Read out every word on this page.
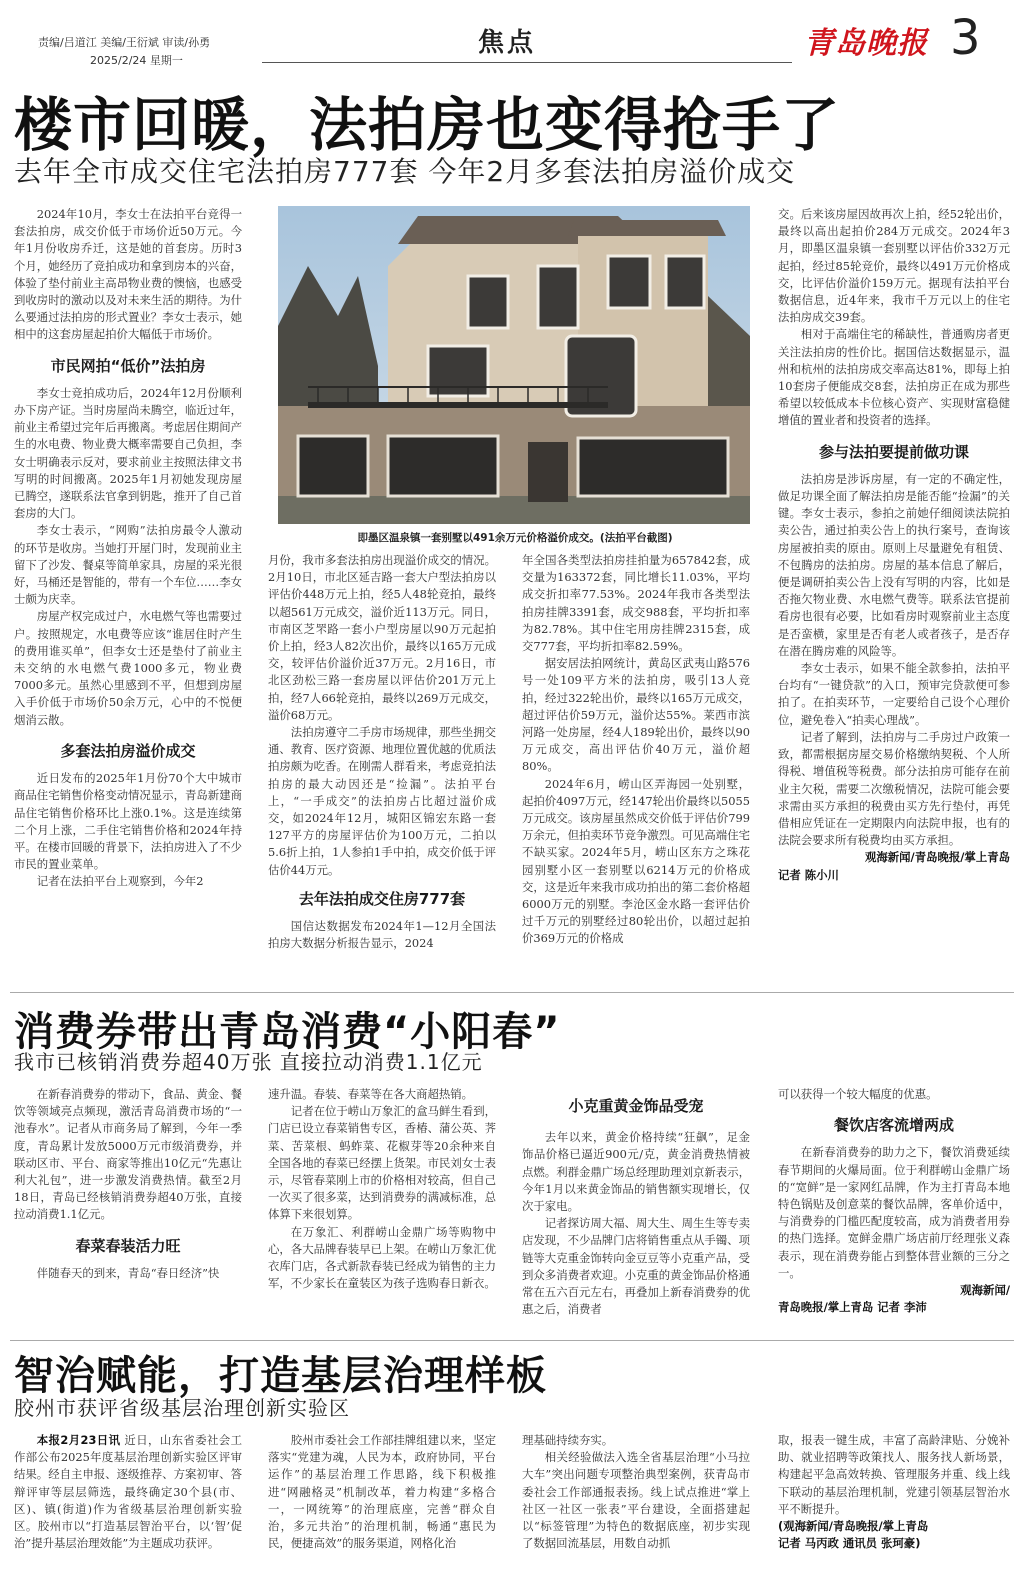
责编/吕道江 美编/王衍斌 审读/孙勇
2025/2/24 星期一
焦点	青岛晚报 3
楼市回暖，法拍房也变得抢手了
去年全市成交住宅法拍房777套 今年2月多套法拍房溢价成交
即墨区温泉镇一套别墅以491余万元价格溢价成交。(法拍平台截图)

2024年10月，李女士在法拍平台竞得一套法拍房，成交价低于市场价近50万元。今年1月份收房乔迁，这是她的首套房。历时3个月，她经历了竞拍成功和拿到房本的兴奋，体验了垫付前业主高昂物业费的懊恼，也感受到收房时的激动以及对未来生活的期待。为什么要通过法拍房的形式置业？李女士表示，她相中的这套房屋起拍价大幅低于市场价。

市民网拍“低价”法拍房

李女士竞拍成功后，2024年12月份顺利办下房产证。当时房屋尚未腾空，临近过年，前业主希望过完年后再搬离。考虑居住期间产生的水电费、物业费大概率需要自己负担，李女士明确表示反对，要求前业主按照法律文书写明的时间搬离。2025年1月初她发现房屋已腾空，遂联系法官拿到钥匙，推开了自己首套房的大门。

李女士表示，“网购”法拍房最令人激动的环节是收房。当她打开屋门时，发现前业主留下了沙发、餐桌等简单家具，房屋的采光很好，马桶还是智能的，带有一个车位……李女士颇为庆幸。

房屋产权完成过户，水电燃气等也需要过户。按照规定，水电费等应该“谁居住时产生的费用谁买单”，但李女士还是垫付了前业主未交纳的水电燃气费1000多元，物业费7000多元。虽然心里感到不平，但想到房屋入手价低于市场价50余万元，心中的不悦便烟消云散。

多套法拍房溢价成交

近日发布的2025年1月份70个大中城市商品住宅销售价格变动情况显示，青岛新建商品住宅销售价格环比上涨0.1%。这是连续第二个月上涨，二手住宅销售价格和2024年持平。在楼市回暖的背景下，法拍房进入了不少市民的置业菜单。

记者在法拍平台上观察到，今年2

月份，我市多套法拍房出现溢价成交的情况。2月10日，市北区延吉路一套大户型法拍房以评估价448万元上拍，经5人48轮竞拍，最终以超561万元成交，溢价近113万元。同日，市南区芝罘路一套小户型房屋以90万元起拍价上拍，经3人82次出价，最终以165万元成交，较评估价溢价近37万元。2月16日，市北区劲松三路一套房屋以评估价201万元上拍，经7人66轮竞拍，最终以269万元成交，溢价68万元。

法拍房遵守二手房市场规律，那些坐拥交通、教育、医疗资源、地理位置优越的优质法拍房颇为吃香。在刚需人群看来，考虑竞拍法拍房的最大动因还是“捡漏”。法拍平台上，“一手成交”的法拍房占比超过溢价成交，如2024年12月，城阳区锦宏东路一套127平方的房屋评估价为100万元，二拍以5.6折上拍，1人参拍1手中拍，成交价低于评估价44万元。

去年法拍成交住房777套

国信达数据发布2024年1—12月全国法拍房大数据分析报告显示，2024

年全国各类型法拍房挂拍量为657842套，成交量为163372套，同比增长11.03%，平均成交折扣率77.53%。2024年我市各类型法拍房挂牌3391套，成交988套，平均折扣率为82.78%。其中住宅用房挂牌2315套，成交777套，平均折扣率82.59%。

据安居法拍网统计，黄岛区武夷山路576号一处109平方米的法拍房，吸引13人竞拍，经过322轮出价，最终以165万元成交，超过评估价59万元，溢价达55%。莱西市滨河路一处房屋，经4人189轮出价，最终以90万元成交，高出评估价40万元，溢价超80%。

2024年6月，崂山区弄海园一处别墅，起拍价4097万元，经147轮出价最终以5055万元成交。该房屋虽然成交价低于评估价799万余元，但拍卖环节竞争激烈。可见高端住宅不缺买家。2024年5月，崂山区东方之珠花园别墅小区一套别墅以6214万元的价格成交，这是近年来我市成功拍出的第二套价格超6000万元的别墅。李沧区金水路一套评估价过千万元的别墅经过80轮出价，以超过起拍价369万元的价格成

交。后来该房屋因故再次上拍，经52轮出价，最终以高出起拍价284万元成交。2024年3月，即墨区温泉镇一套别墅以评估价332万元起拍，经过85轮竞价，最终以491万元价格成交，比评估价溢价159万元。据现有法拍平台数据信息，近4年来，我市千万元以上的住宅法拍房成交39套。

相对于高端住宅的稀缺性，普通购房者更关注法拍房的性价比。据国信达数据显示，温州和杭州的法拍房成交率高达81%，即每上拍10套房子便能成交8套，法拍房正在成为那些希望以较低成本卡位核心资产、实现财富稳健增值的置业者和投资者的选择。

参与法拍要提前做功课

法拍房是涉诉房屋，有一定的不确定性，做足功课全面了解法拍房是能否能“捡漏”的关键。李女士表示，参拍之前她仔细阅读法院拍卖公告，通过拍卖公告上的执行案号，查询该房屋被拍卖的原由。原则上尽量避免有租赁、不包腾房的法拍房。房屋的基本信息了解后，便是调研拍卖公告上没有写明的内容，比如是否拖欠物业费、水电燃气费等。联系法官提前看房也很有必要，比如看房时观察前业主态度是否蛮横，家里是否有老人或者孩子，是否存在潜在腾房难的风险等。

李女士表示，如果不能全款参拍，法拍平台均有“一键贷款”的入口，预审完贷款便可参拍了。在拍卖环节，一定要给自己设个心理价位，避免卷入“拍卖心理战”。

记者了解到，法拍房与二手房过户政策一致，都需根据房屋交易价格缴纳契税、个人所得税、增值税等税费。部分法拍房可能存在前业主欠税，需要二次缴税情况，法院可能会要求需由买方承担的税费由买方先行垫付，再凭借相应凭证在一定期限内向法院申报，也有的法院会要求所有税费均由买方承担。

观海新闻/青岛晚报/掌上青岛

记者 陈小川

消费券带出青岛消费“小阳春”
我市已核销消费券超40万张 直接拉动消费1.1亿元

在新春消费券的带动下，食品、黄金、餐饮等领域亮点频现，激活青岛消费市场的“一池春水”。记者从市商务局了解到，今年一季度，青岛累计发放5000万元市级消费券，并联动区市、平台、商家等推出10亿元“先惠让利大礼包”，进一步激发消费热情。截至2月18日，青岛已经核销消费券超40万张，直接拉动消费1.1亿元。

春菜春装活力旺

伴随春天的到来，青岛“春日经济”快

速升温。春装、春菜等在各大商超热销。

记者在位于崂山万象汇的盒马鲜生看到，门店已设立春菜销售专区，香椿、蒲公英、荠菜、苦菜根、蚂蚱菜、花椒芽等20余种来自全国各地的春菜已经摆上货架。市民刘女士表示，尽管春菜刚上市的价格相对较高，但自己一次买了很多菜，达到消费券的满减标准，总体算下来很划算。

在万象汇、利群崂山金鼎广场等购物中心，各大品牌春装早已上架。在崂山万象汇优衣库门店，各式新款春装已经成为销售的主力军，不少家长在童装区为孩子选购春日新衣。

小克重黄金饰品受宠

去年以来，黄金价格持续“狂飙”，足金饰品价格已逼近900元/克，黄金消费热情被点燃。利群金鼎广场总经理助理刘京新表示，今年1月以来黄金饰品的销售额实现增长，仅次于家电。

记者探访周大福、周大生、周生生等专卖店发现，不少品牌门店将销售重点从手镯、项链等大克重金饰转向金豆豆等小克重产品，受到众多消费者欢迎。小克重的黄金饰品价格通常在五六百元左右，再叠加上新春消费券的优惠之后，消费者

可以获得一个较大幅度的优惠。

餐饮店客流增两成

在新春消费券的助力之下，餐饮消费延续春节期间的火爆局面。位于利群崂山金鼎广场的“宽鲜”是一家网红品牌，作为主打青岛本地特色锅贴及创意菜的餐饮品牌，客单价适中，与消费券的门槛匹配度较高，成为消费者用券的热门选择。宽鲜金鼎广场店前厅经理张义森表示，现在消费券能占到整体营业额的三分之一。

观海新闻/

青岛晚报/掌上青岛 记者 李沛

智治赋能，打造基层治理样板
胶州市获评省级基层治理创新实验区

本报2月23日讯 近日，山东省委社会工作部公布2025年度基层治理创新实验区评审结果。经自主申报、逐级推荐、方案初审、答辩评审等层层筛选，最终确定30个县(市、区)、镇(街道)作为省级基层治理创新实验区。胶州市以“打造基层智治平台，以‘智’促治”提升基层治理效能”为主题成功获评。

胶州市委社会工作部挂牌组建以来，坚定落实“党建为魂，人民为本，政府协同，平台运作”的基层治理工作思路，线下积极推进“网融格灵”机制改革，着力构建“多格合一，一网统筹”的治理底座，完善“群众自治，多元共治”的治理机制，畅通“惠民为民，便捷高效”的服务渠道，网格化治

理基础持续夯实。

相关经验做法入选全省基层治理“小马拉大车”突出问题专项整治典型案例，获青岛市委社会工作部通报表扬。线上试点推进“掌上社区一社区一张表”平台建设，全面搭建起以“标签管理”为特色的数据底座，初步实现了数据回流基层，用数自动抓

取，报表一键生成，丰富了高龄津贴、分娩补助、就业招聘等政策找人、服务找人新场景，构建起平急高效转换、管理服务并重、线上线下联动的基层治理机制，党建引领基层智治水平不断提升。

(观海新闻/青岛晚报/掌上青岛

记者 马丙政 通讯员 张珂豪)
